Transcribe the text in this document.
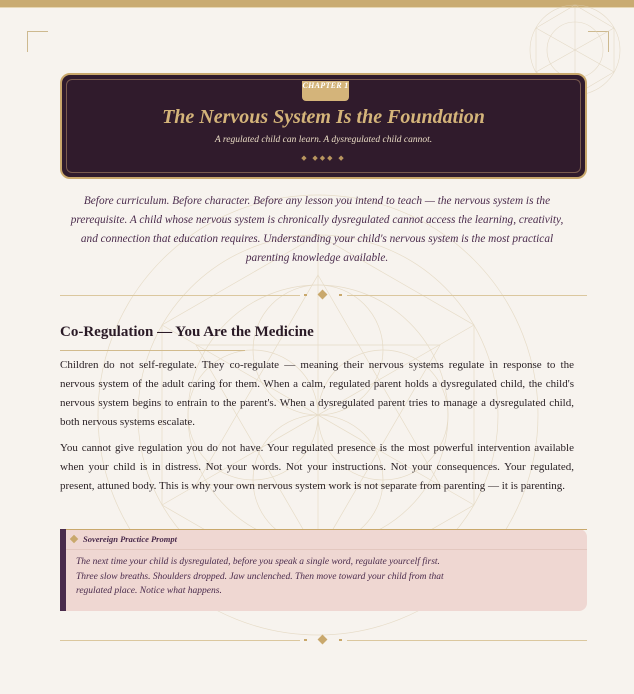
CHAPTER 1
The Nervous System Is the Foundation
A regulated child can learn. A dysregulated child cannot.
◆ ◆◆◆ ◆
Before curriculum. Before character. Before any lesson you intend to teach — the nervous system is the prerequisite. A child whose nervous system is chronically dysregulated cannot access the learning, creativity, and connection that education requires. Understanding your child's nervous system is the most practical parenting knowledge available.
Co-Regulation — You Are the Medicine

Children do not self-regulate. They co-regulate — meaning their nervous systems regulate in response to the nervous system of the adult caring for them. When a calm, regulated parent holds a dysregulated child, the child's nervous system begins to entrain to the parent's. When a dysregulated parent tries to manage a dysregulated child, both nervous systems escalate.

You cannot give regulation you do not have. Your regulated presence is the most powerful intervention available when your child is in distress. Not your words. Not your instructions. Not your consequences. Your regulated, present, attuned body. This is why your own nervous system work is not separate from parenting — it is parenting.

Sovereign Practice Prompt
The next time your child is dysregulated, before you speak a single word, regulate yourcelf first. Three slow breaths. Shoulders dropped. Jaw unclenched. Then move toward your child from that regulated place. Notice what happens.
